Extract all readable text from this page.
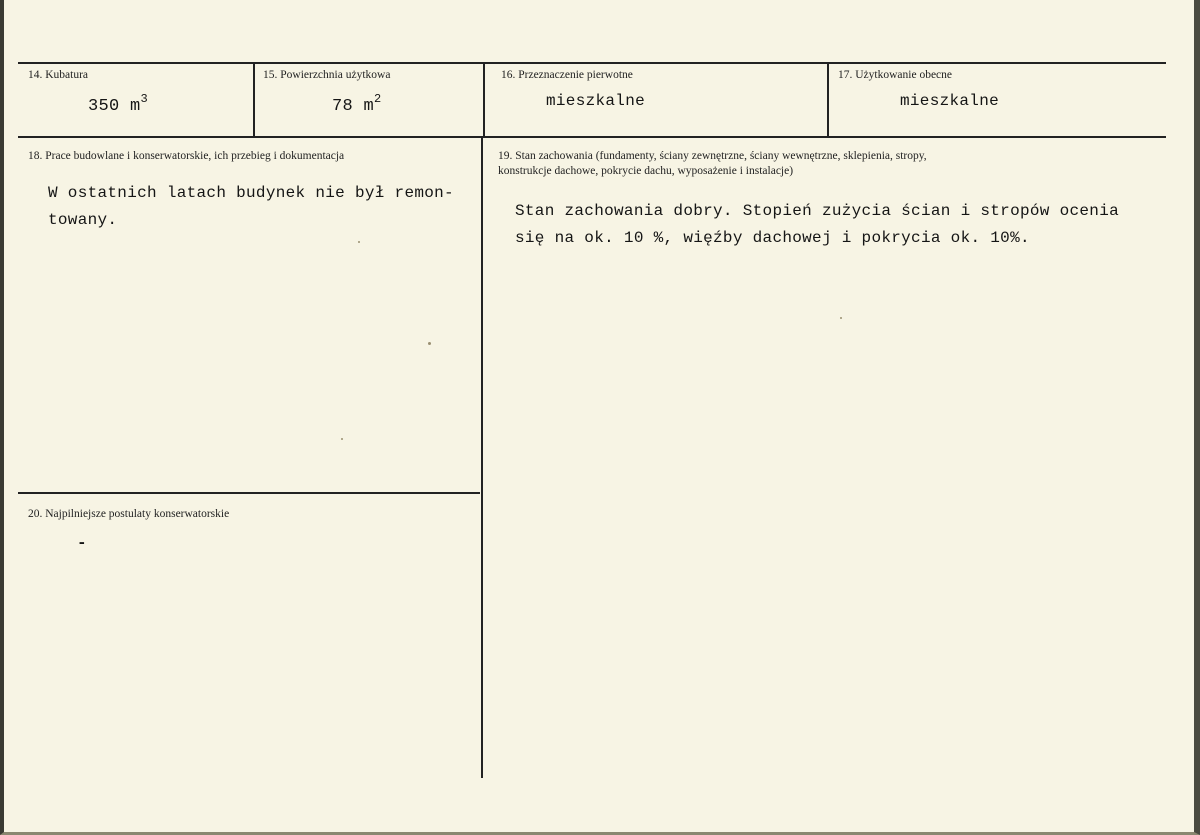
14. Kubatura
350 $m^3$
15. Powierzchnia użytkowa
78 $m^2$
16. Przeznaczenie pierwotne
mieszkalne
17. Użytkowanie obecne
mieszkalne
18. Prace budowlane i konserwatorskie, ich przebieg i dokumentacja
W ostatnich latach budynek nie był remon-
towany.
19. Stan zachowania (fundamenty, ściany zewnętrzne, ściany wewnętrzne, sklepienia, stropy,
konstrukcje dachowe, pokrycie dachu, wyposażenie i instalacje)
Stan zachowania dobry. Stopień zużycia ścian i stropów ocenia
się na ok. 10 %, więźby dachowej i pokrycia ok. 10%.
20. Najpilniejsze postulaty konserwatorskie
-
